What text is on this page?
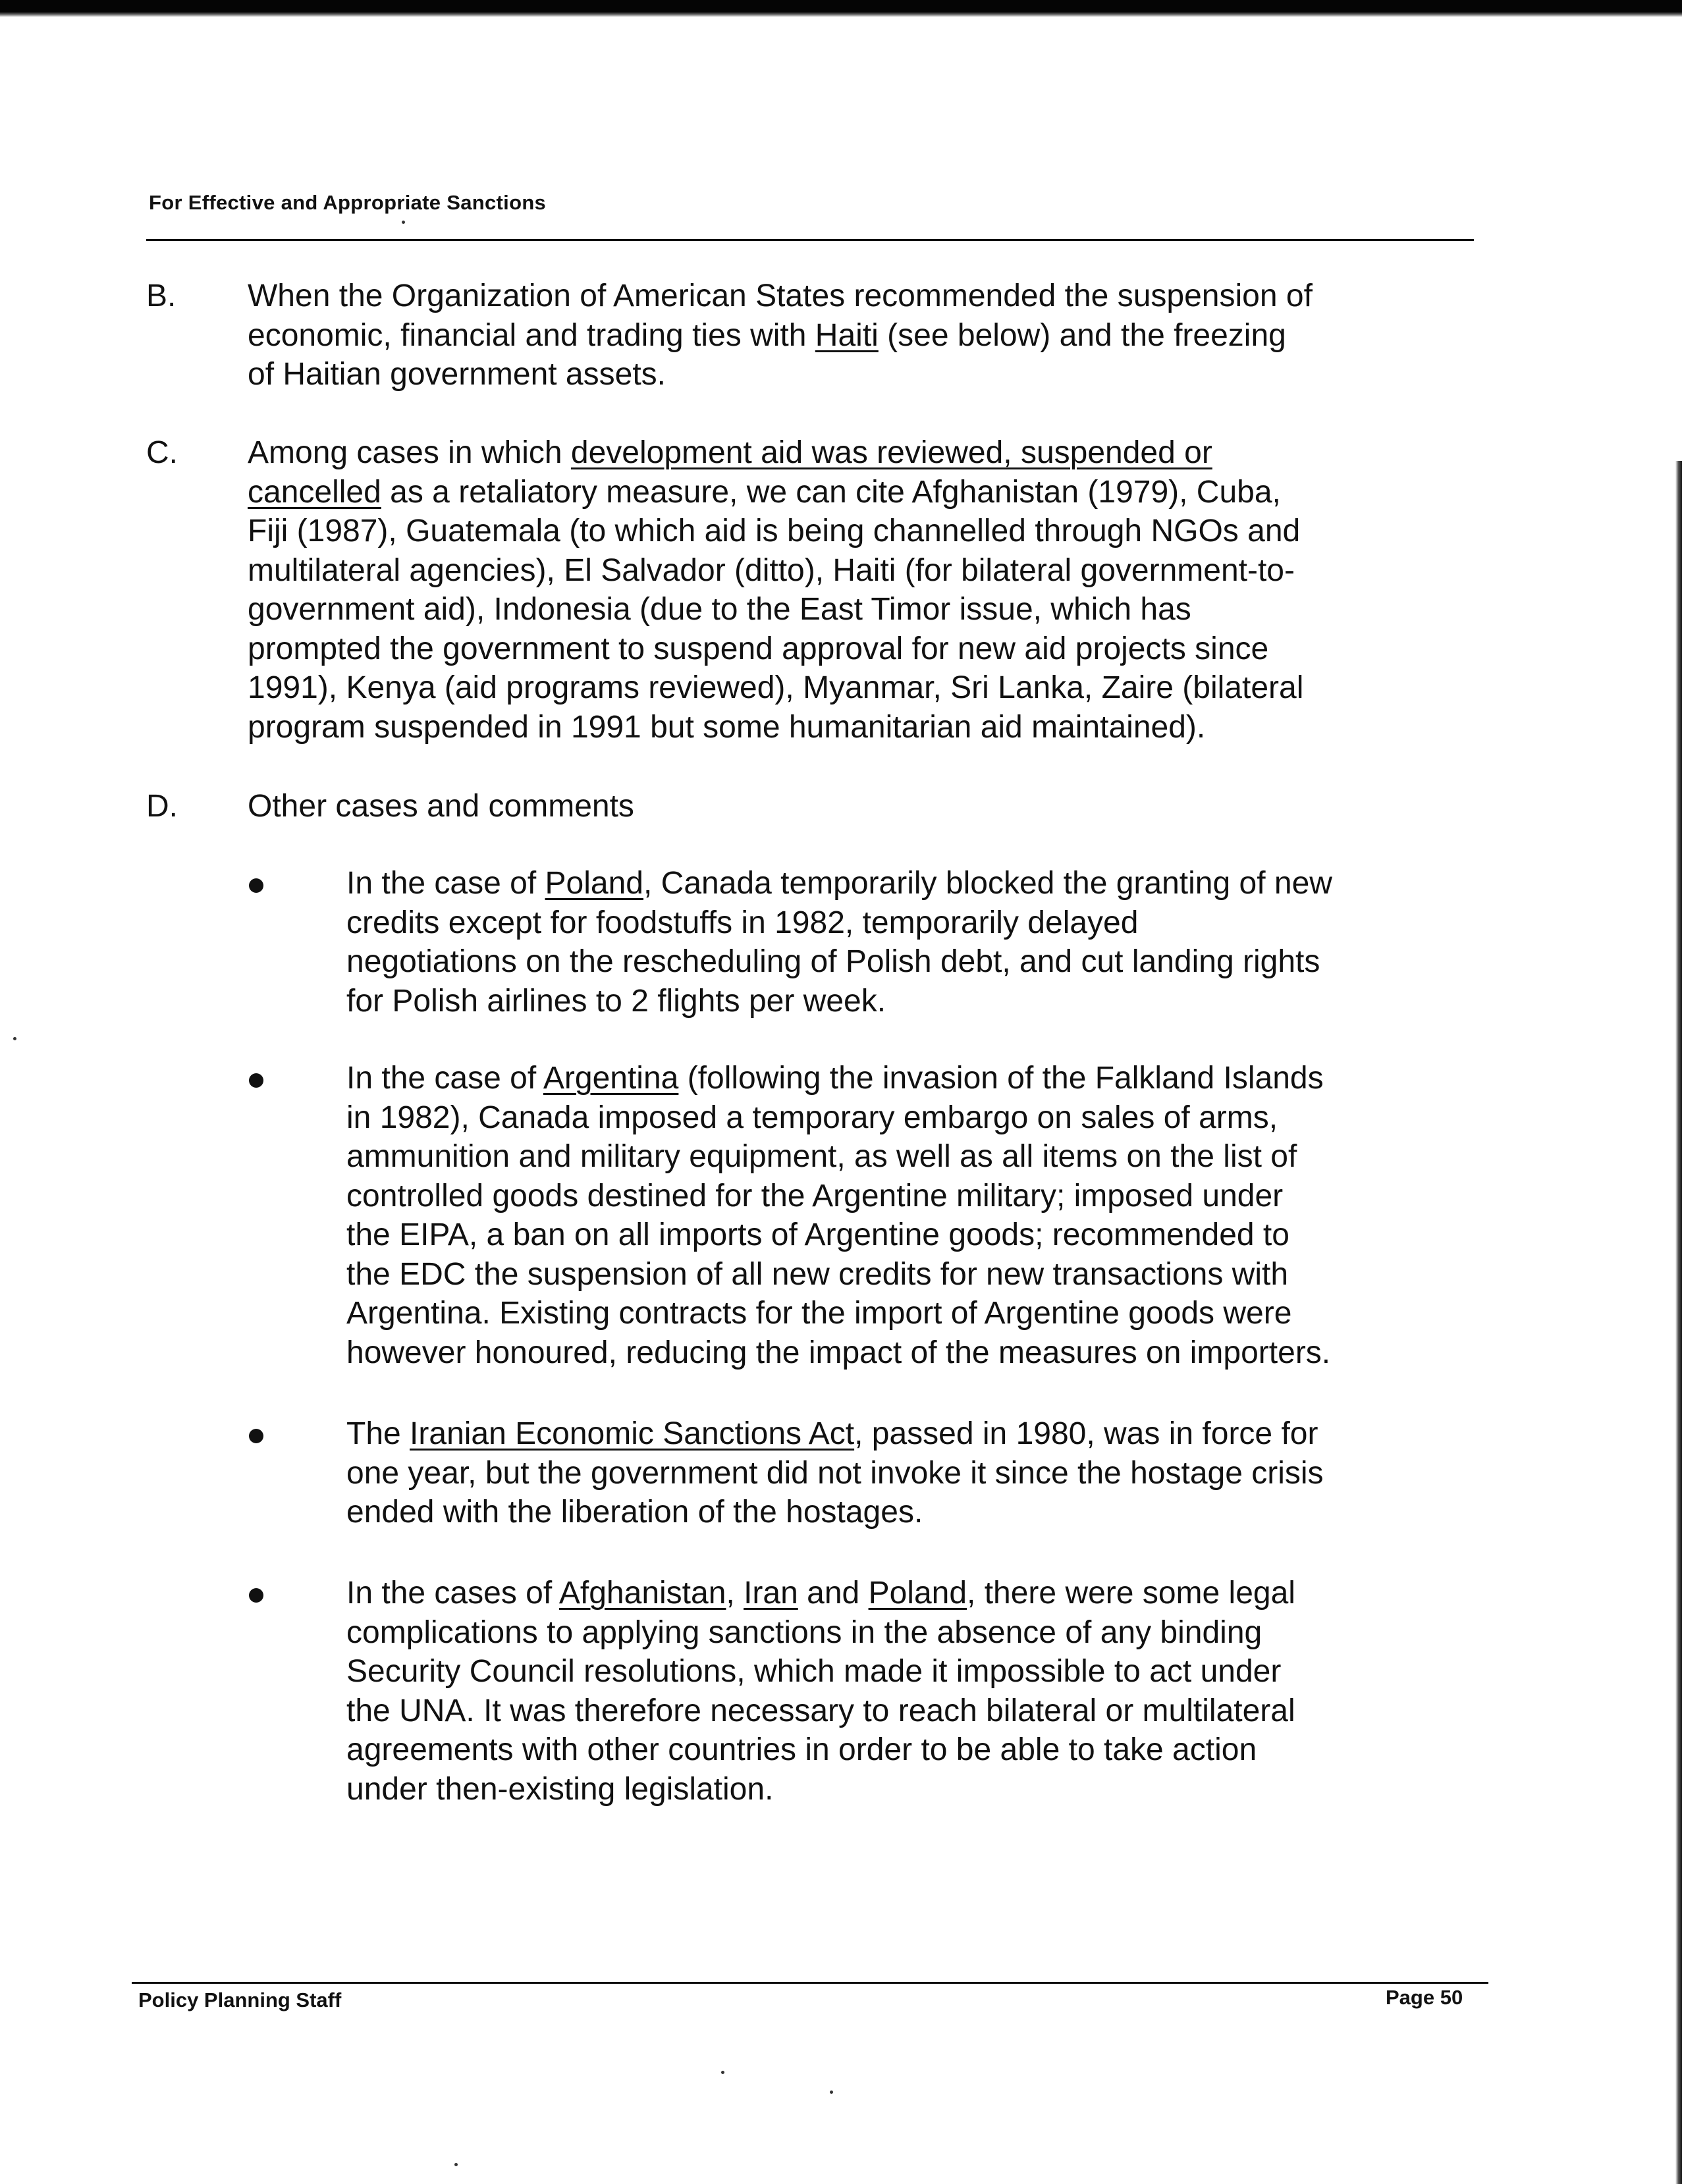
For Effective and Appropriate Sanctions
B. When the Organization of American States recommended the suspension of
economic, financial and trading ties with Haiti (see below) and the freezing
of Haitian government assets.
C. Among cases in which development aid was reviewed, suspended or
cancelled as a retaliatory measure, we can cite Afghanistan (1979), Cuba,
Fiji (1987), Guatemala (to which aid is being channelled through NGOs and
multilateral agencies), El Salvador (ditto), Haiti (for bilateral government-to-
government aid), Indonesia (due to the East Timor issue, which has
prompted the government to suspend approval for new aid projects since
1991), Kenya (aid programs reviewed), Myanmar, Sri Lanka, Zaire (bilateral
program suspended in 1991 but some humanitarian aid maintained).
D. Other cases and comments
In the case of Poland, Canada temporarily blocked the granting of new
credits except for foodstuffs in 1982, temporarily delayed
negotiations on the rescheduling of Polish debt, and cut landing rights
for Polish airlines to 2 flights per week.
In the case of Argentina (following the invasion of the Falkland Islands
in 1982), Canada imposed a temporary embargo on sales of arms,
ammunition and military equipment, as well as all items on the list of
controlled goods destined for the Argentine military; imposed under
the EIPA, a ban on all imports of Argentine goods; recommended to
the EDC the suspension of all new credits for new transactions with
Argentina. Existing contracts for the import of Argentine goods were
however honoured, reducing the impact of the measures on importers.
The Iranian Economic Sanctions Act, passed in 1980, was in force for
one year, but the government did not invoke it since the hostage crisis
ended with the liberation of the hostages.
In the cases of Afghanistan, Iran and Poland, there were some legal
complications to applying sanctions in the absence of any binding
Security Council resolutions, which made it impossible to act under
the UNA. It was therefore necessary to reach bilateral or multilateral
agreements with other countries in order to be able to take action
under then-existing legislation.
Policy Planning Staff	Page 50
